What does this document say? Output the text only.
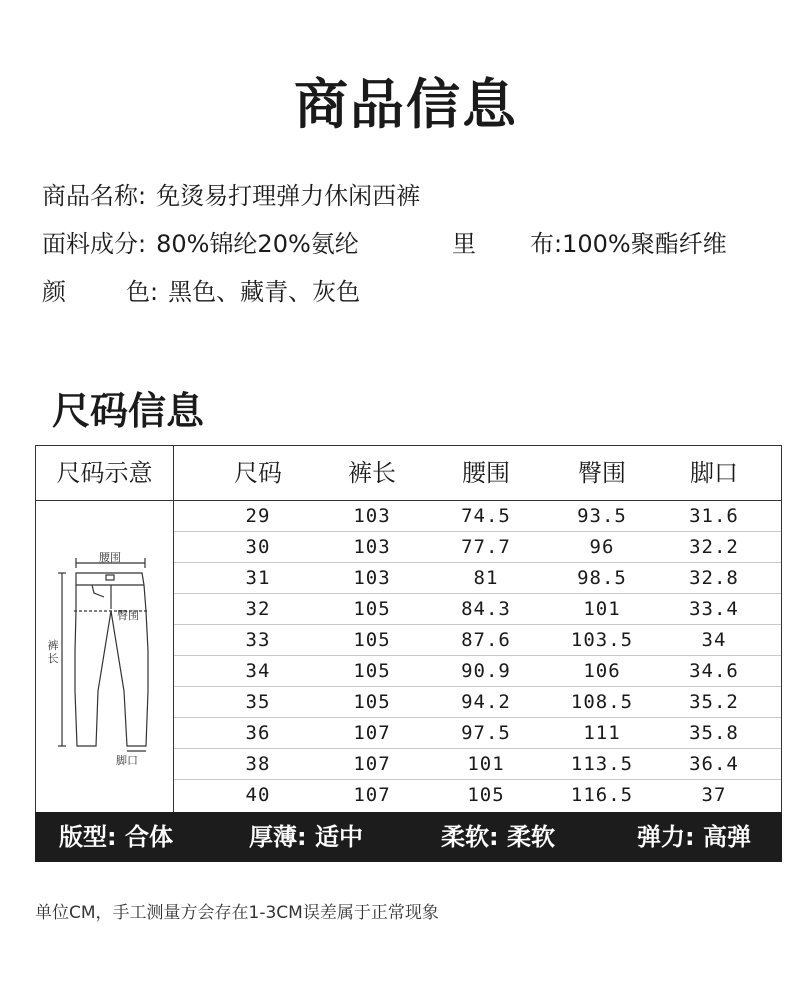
商品信息
商品名称: 免烫易打理弹力休闲西裤
面料成分: 80%锦纶20%氨纶	里 布:100%聚酯纤维
颜	色: 黑色、藏青、灰色
尺码信息
尺码示意	尺码	裤长	腰围	臀围	脚口
腰围
臀围
裤
长
脚口
29	103	74.5	93.5	31.6
30	103	77.7	96	32.2
31	103	81	98.5	32.8
32	105	84.3	101	33.4
33	105	87.6	103.5	34
34	105	90.9	106	34.6
35	105	94.2	108.5	35.2
36	107	97.5	111	35.8
38	107	101	113.5	36.4
40	107	105	116.5	37
版型: 合体	厚薄: 适中	柔软: 柔软	弹力: 高弹
单位CM，手工测量方会存在1-3CM误差属于正常现象
